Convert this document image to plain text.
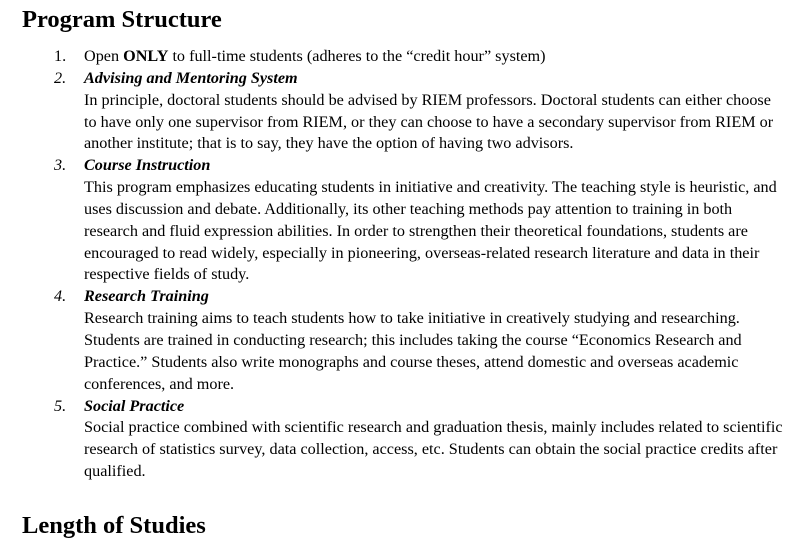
Program Structure
1. Open ONLY to full-time students (adheres to the “credit hour” system)
2. Advising and Mentoring System
In principle, doctoral students should be advised by RIEM professors. Doctoral students can either choose to have only one supervisor from RIEM, or they can choose to have a secondary supervisor from RIEM or another institute; that is to say, they have the option of having two advisors.
3. Course Instruction
This program emphasizes educating students in initiative and creativity. The teaching style is heuristic, and uses discussion and debate. Additionally, its other teaching methods pay attention to training in both research and fluid expression abilities. In order to strengthen their theoretical foundations, students are encouraged to read widely, especially in pioneering, overseas-related research literature and data in their respective fields of study.
4. Research Training
Research training aims to teach students how to take initiative in creatively studying and researching. Students are trained in conducting research; this includes taking the course “Economics Research and Practice.” Students also write monographs and course theses, attend domestic and overseas academic conferences, and more.
5. Social Practice
Social practice combined with scientific research and graduation thesis, mainly includes related to scientific research of statistics survey, data collection, access, etc. Students can obtain the social practice credits after qualified.
Length of Studies
